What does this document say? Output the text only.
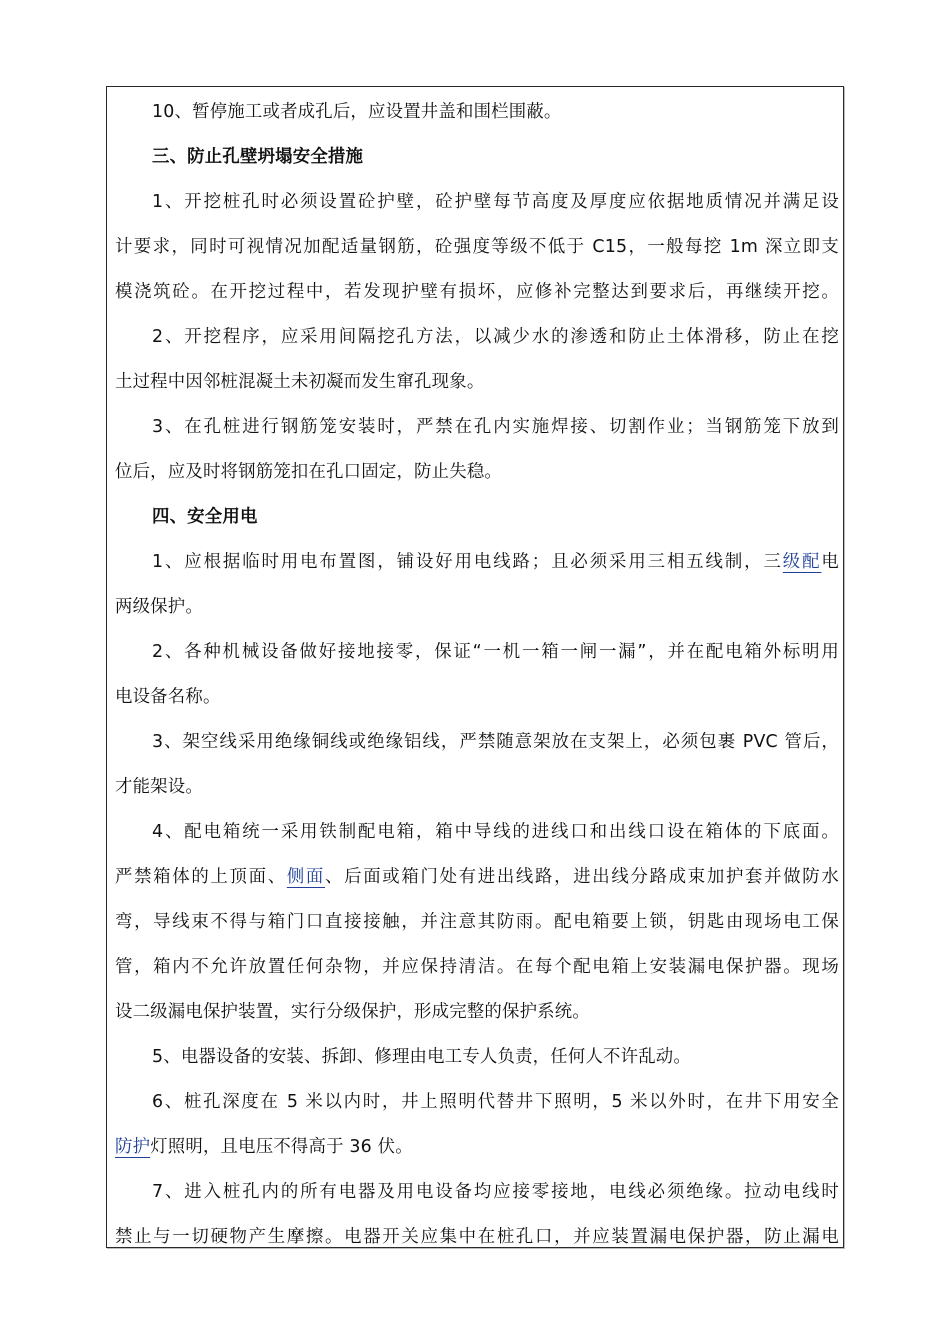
10、暂停施工或者成孔后，应设置井盖和围栏围蔽。
三、防止孔壁坍塌安全措施
1、开挖桩孔时必须设置砼护壁，砼护壁每节高度及厚度应依据地质情况并满足设
计要求，同时可视情况加配适量钢筋，砼强度等级不低于 C15，一般每挖 1m 深立即支
模浇筑砼。在开挖过程中，若发现护壁有损坏，应修补完整达到要求后，再继续开挖。
2、开挖程序，应采用间隔挖孔方法，以减少水的渗透和防止土体滑移，防止在挖
土过程中因邻桩混凝土未初凝而发生窜孔现象。
3、在孔桩进行钢筋笼安装时，严禁在孔内实施焊接、切割作业；当钢筋笼下放到
位后，应及时将钢筋笼扣在孔口固定，防止失稳。
四、安全用电
1、应根据临时用电布置图，铺设好用电线路；且必须采用三相五线制，三级配电
两级保护。
2、各种机械设备做好接地接零，保证“一机一箱一闸一漏”，并在配电箱外标明用
电设备名称。
3、架空线采用绝缘铜线或绝缘铝线，严禁随意架放在支架上，必须包裹 PVC 管后，
才能架设。
4、配电箱统一采用铁制配电箱，箱中导线的进线口和出线口设在箱体的下底面。
严禁箱体的上顶面、侧面、后面或箱门处有进出线路，进出线分路成束加护套并做防水
弯，导线束不得与箱门口直接接触，并注意其防雨。配电箱要上锁，钥匙由现场电工保
管，箱内不允许放置任何杂物，并应保持清洁。在每个配电箱上安装漏电保护器。现场
设二级漏电保护装置，实行分级保护，形成完整的保护系统。
5、电器设备的安装、拆卸、修理由电工专人负责，任何人不许乱动。
6、桩孔深度在 5 米以内时，井上照明代替井下照明，5 米以外时，在井下用安全
防护灯照明，且电压不得高于 36 伏。
7、进入桩孔内的所有电器及用电设备均应接零接地，电线必须绝缘。拉动电线时
禁止与一切硬物产生摩擦。电器开关应集中在桩孔口，并应装置漏电保护器，防止漏电
